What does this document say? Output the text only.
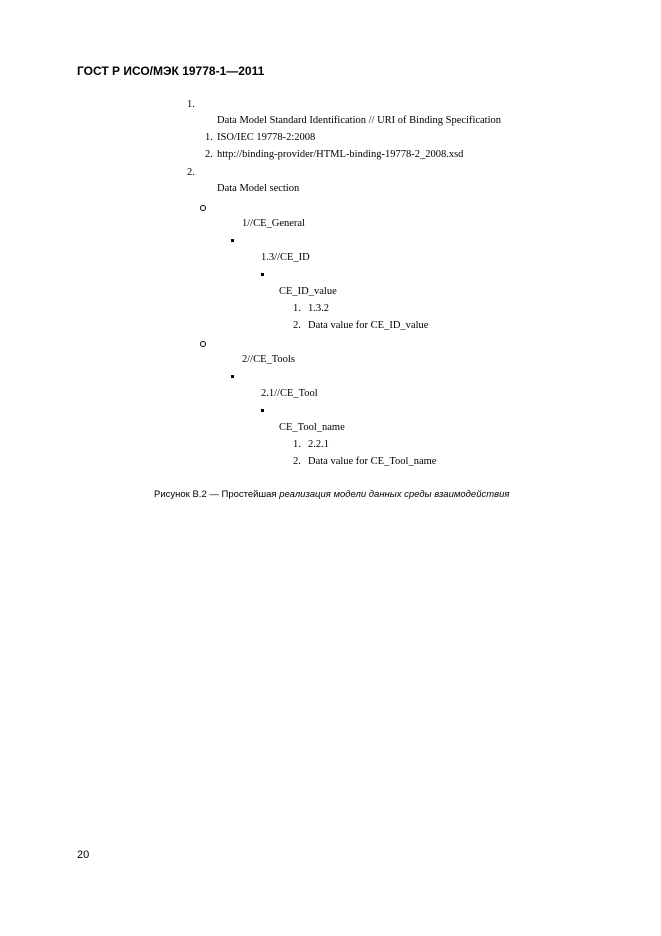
ГОСТ Р ИСО/МЭК 19778-1—2011
1.
Data Model Standard Identification // URI of Binding Specification
1. ISO/IEC 19778-2:2008
2. http://binding-provider/HTML-binding-19778-2_2008.xsd
2.
Data Model section
1//CE_General
1.3//CE_ID
CE_ID_value
1. 1.3.2
2. Data value for CE_ID_value
2//CE_Tools
2.1//CE_Tool
CE_Tool_name
1. 2.2.1
2. Data value for CE_Tool_name
Рисунок В.2 — Простейшая реализация модели данных среды взаимодействия
20
